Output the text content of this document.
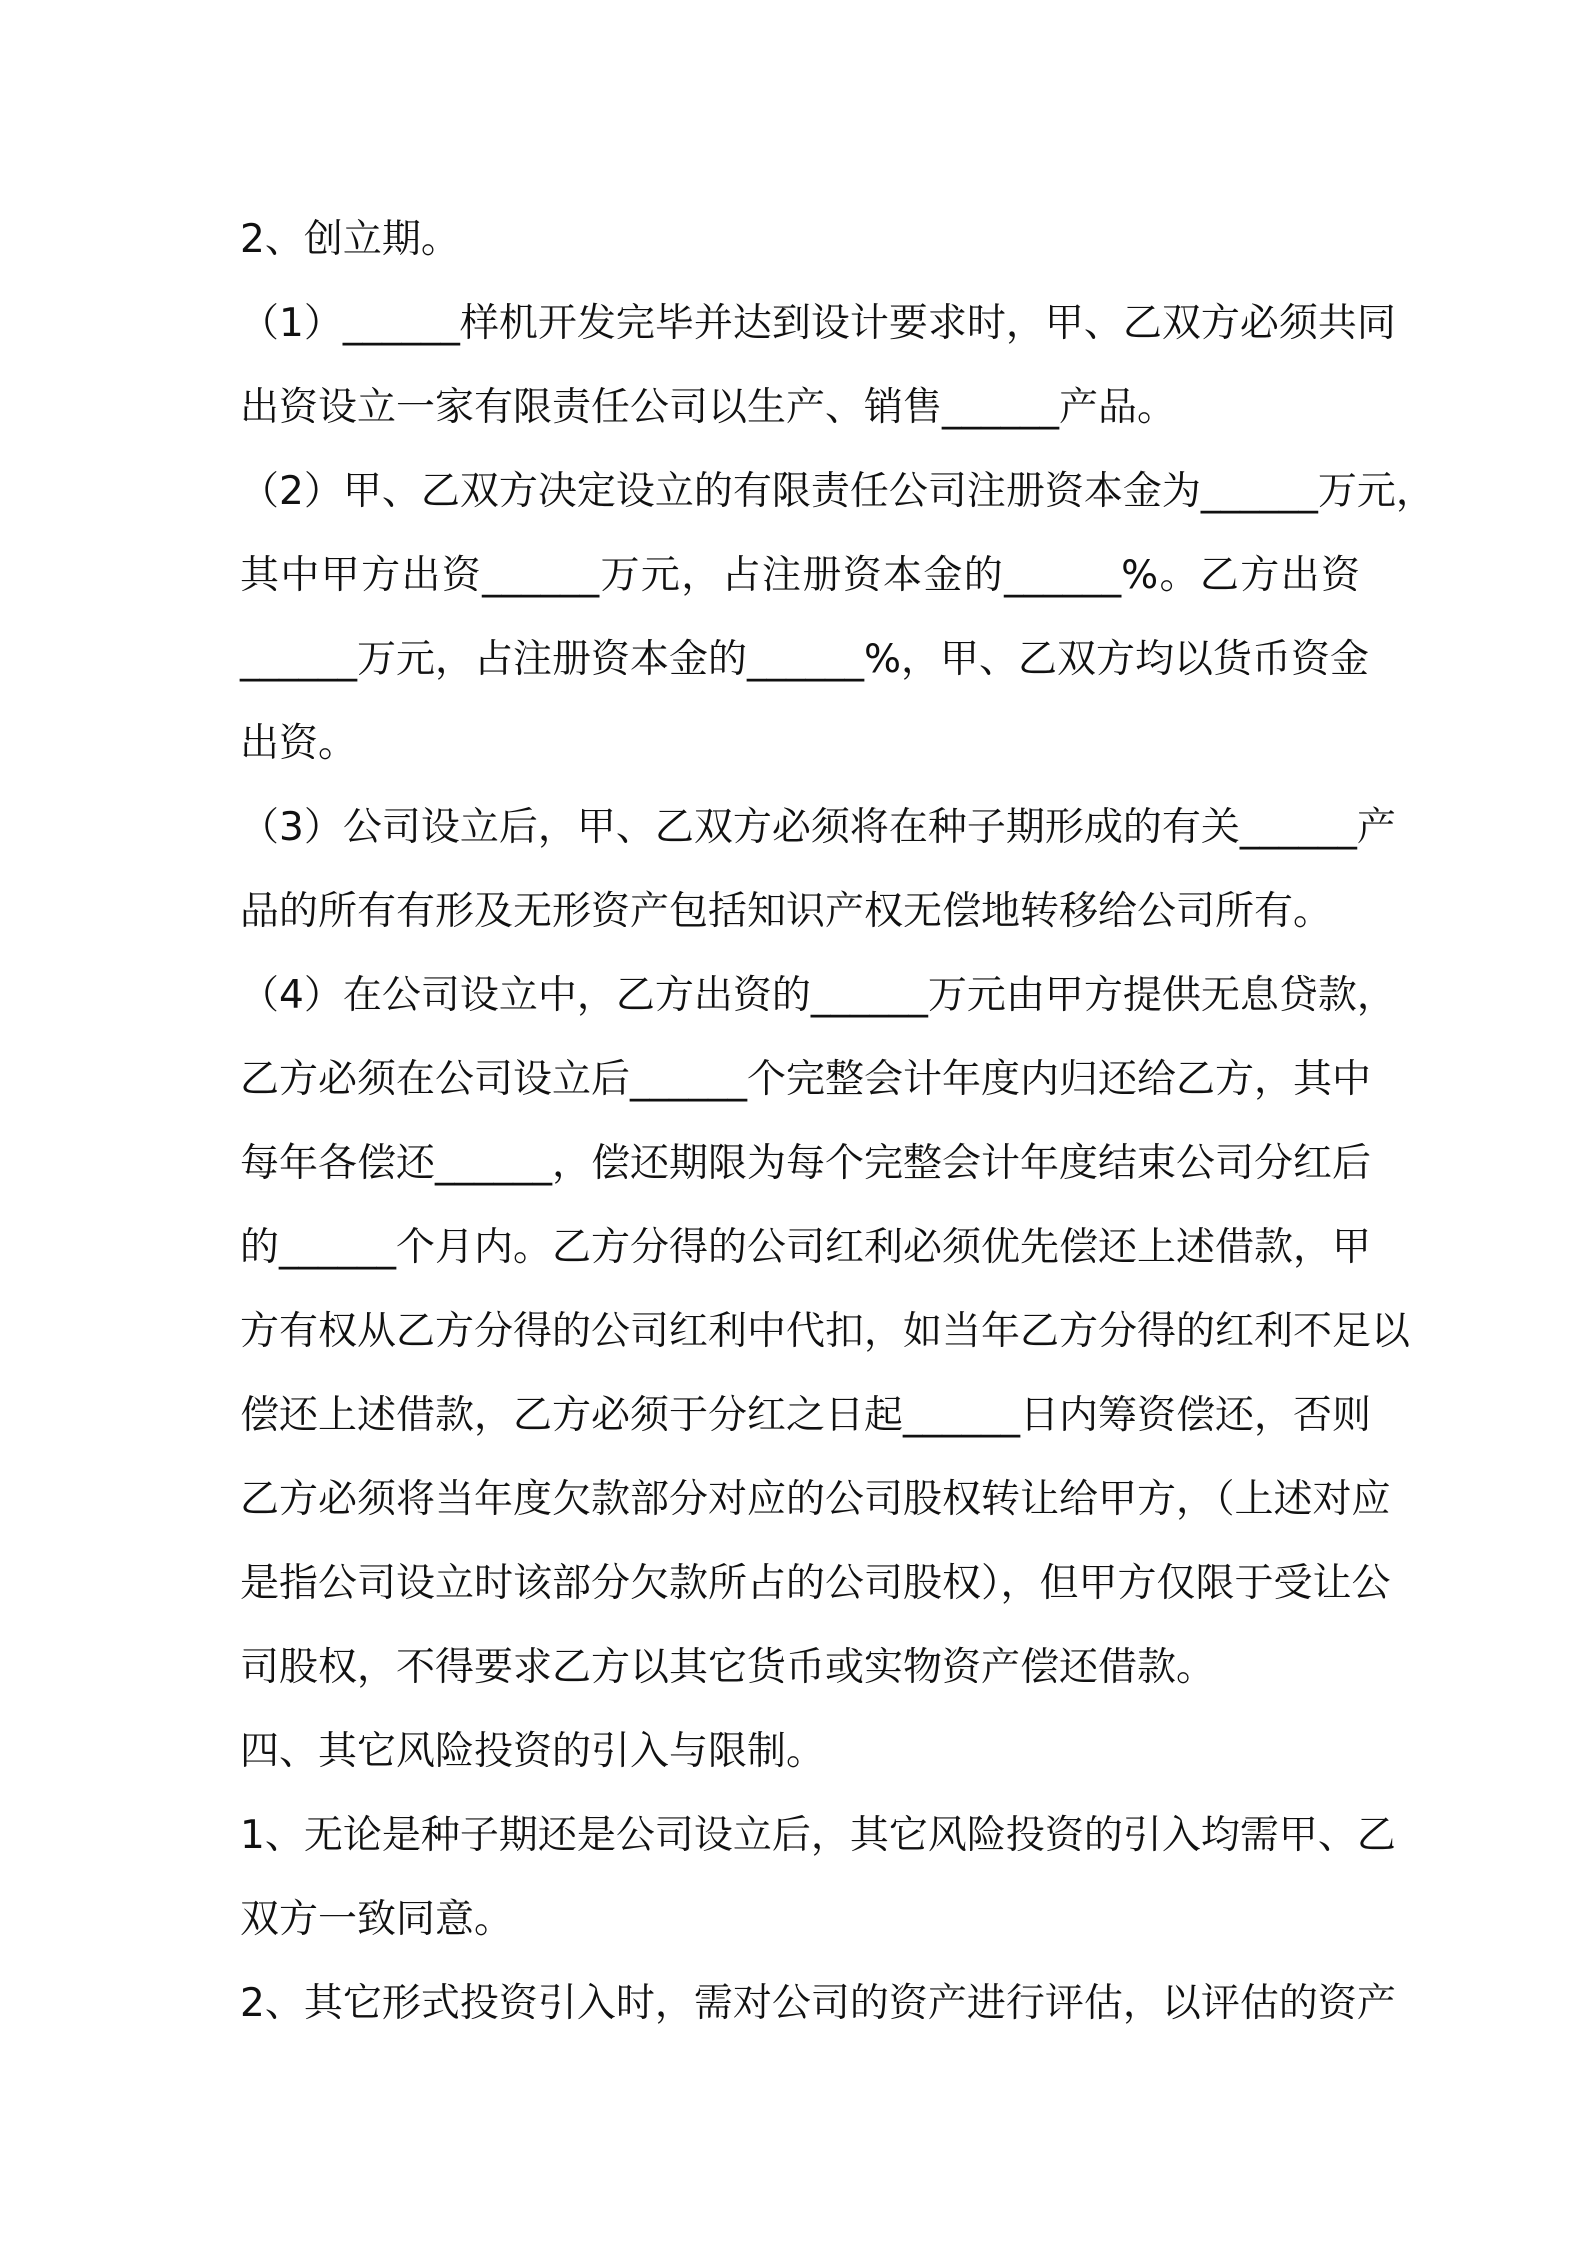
2、创立期。
（1）______样机开发完毕并达到设计要求时，甲、乙双方必须共同
出资设立一家有限责任公司以生产、销售______产品。
（2）甲、乙双方决定设立的有限责任公司注册资本金为______万元，
其中甲方出资______万元，占注册资本金的______%。乙方出资
______万元，占注册资本金的______%，甲、乙双方均以货币资金
出资。
（3）公司设立后，甲、乙双方必须将在种子期形成的有关______产
品的所有有形及无形资产包括知识产权无偿地转移给公司所有。
（4）在公司设立中，乙方出资的______万元由甲方提供无息贷款，
乙方必须在公司设立后______个完整会计年度内归还给乙方，其中
每年各偿还______，偿还期限为每个完整会计年度结束公司分红后
的______个月内。乙方分得的公司红利必须优先偿还上述借款，甲
方有权从乙方分得的公司红利中代扣，如当年乙方分得的红利不足以
偿还上述借款，乙方必须于分红之日起______日内筹资偿还，否则
乙方必须将当年度欠款部分对应的公司股权转让给甲方，（上述对应
是指公司设立时该部分欠款所占的公司股权），但甲方仅限于受让公
司股权，不得要求乙方以其它货币或实物资产偿还借款。
四、其它风险投资的引入与限制。
1、无论是种子期还是公司设立后，其它风险投资的引入均需甲、乙
双方一致同意。
2、其它形式投资引入时，需对公司的资产进行评估，以评估的资产
